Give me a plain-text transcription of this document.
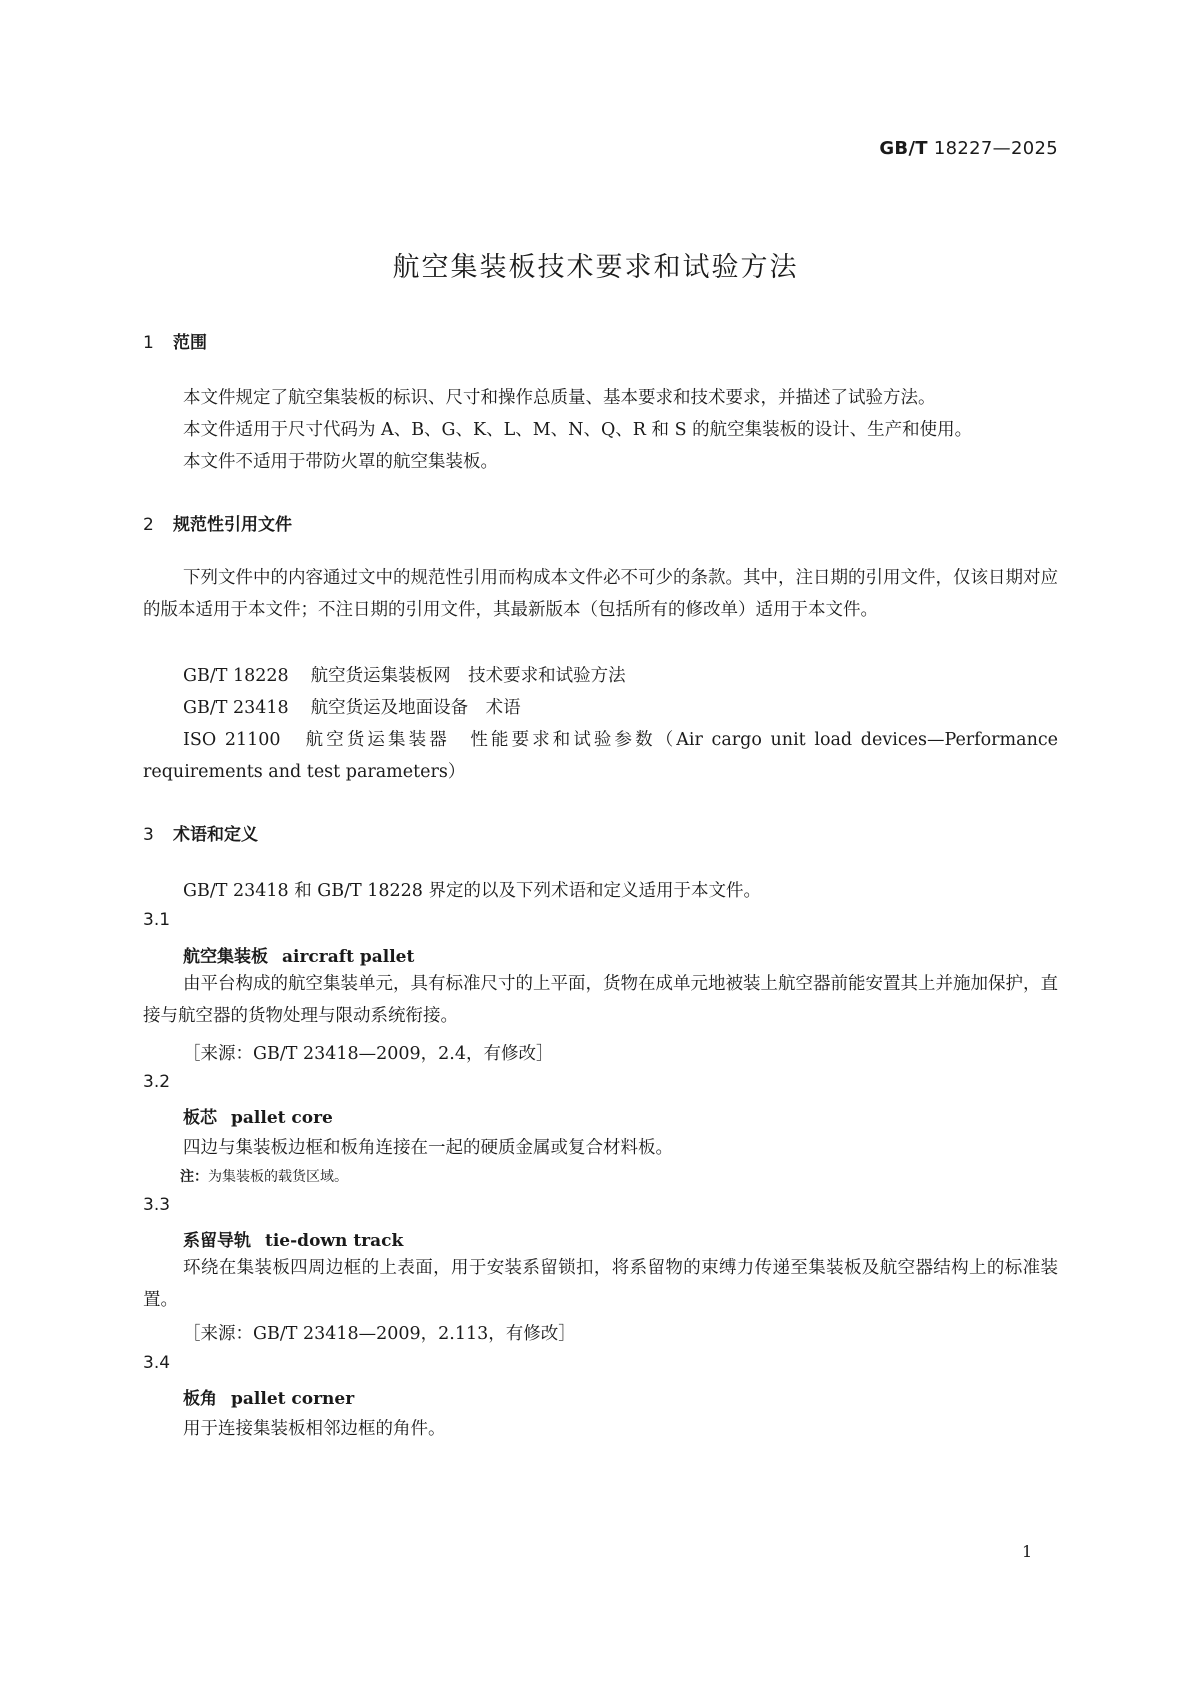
GB/T 18227—2025
航空集装板技术要求和试验方法
1 范围
本文件规定了航空集装板的标识、尺寸和操作总质量、基本要求和技术要求，并描述了试验方法。
本文件适用于尺寸代码为 A、B、G、K、L、M、N、Q、R 和 S 的航空集装板的设计、生产和使用。
本文件不适用于带防火罩的航空集装板。
2 规范性引用文件
下列文件中的内容通过文中的规范性引用而构成本文件必不可少的条款。其中，注日期的引用文件，仅该日期对应的版本适用于本文件；不注日期的引用文件，其最新版本（包括所有的修改单）适用于本文件。
GB/T 18228 航空货运集装板网　技术要求和试验方法
GB/T 23418 航空货运及地面设备　术语
ISO 21100 航空货运集装器　性能要求和试验参数（Air cargo unit load devices—Performance requirements and test parameters）
3 术语和定义
GB/T 23418 和 GB/T 18228 界定的以及下列术语和定义适用于本文件。
3.1
航空集装板 aircraft pallet
由平台构成的航空集装单元，具有标准尺寸的上平面，货物在成单元地被装上航空器前能安置其上并施加保护，直接与航空器的货物处理与限动系统衔接。
［来源：GB/T 23418—2009，2.4，有修改］
3.2
板芯 pallet core
四边与集装板边框和板角连接在一起的硬质金属或复合材料板。
注：为集装板的载货区域。
3.3
系留导轨 tie-down track
环绕在集装板四周边框的上表面，用于安装系留锁扣，将系留物的束缚力传递至集装板及航空器结构上的标准装置。
［来源：GB/T 23418—2009，2.113，有修改］
3.4
板角 pallet corner
用于连接集装板相邻边框的角件。
1
